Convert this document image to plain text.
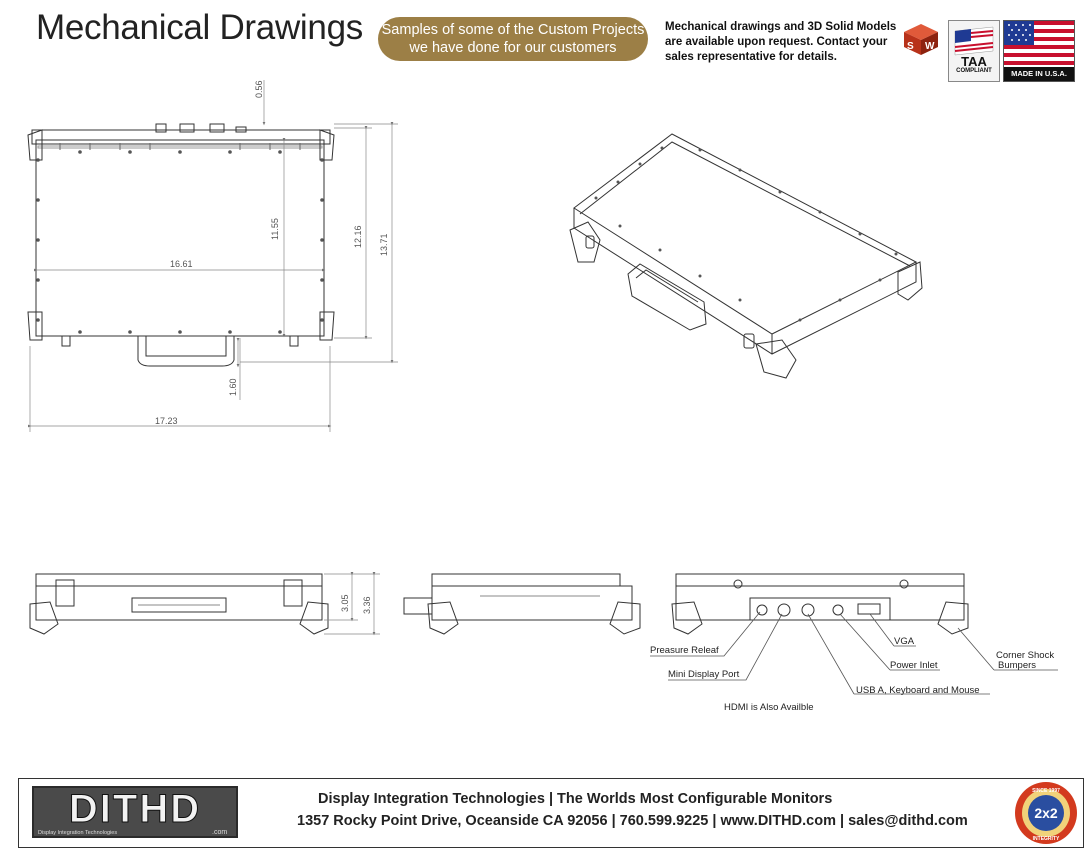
Mechanical Drawings Samples of some of the Custom Projects
we have done for our customers
Mechanical drawings and 3D Solid Models
are available upon request. Contact your
sales representative for details.
S W
TAA
COMPLIANT	MADE IN U.S.A.
16.61
17.23
11.55	12.16 13.71
0.56
1.60
3.05 3.36
Preasure Releaf
Mini Display Port
USB A, Keyboard and Mouse
Power Inlet
VGA
Corner Shock
Bumpers
HDMI is Also Availble
DITHD
Display Integration Technologies	.com
Display Integration Technologies | The Worlds Most Configurable Monitors
1357 Rocky Point Drive, Oceanside CA 92056 | 760.599.9225 | www.DITHD.com | sales@dithd.com
SINCE 1997
2x2
INTEGRITY
